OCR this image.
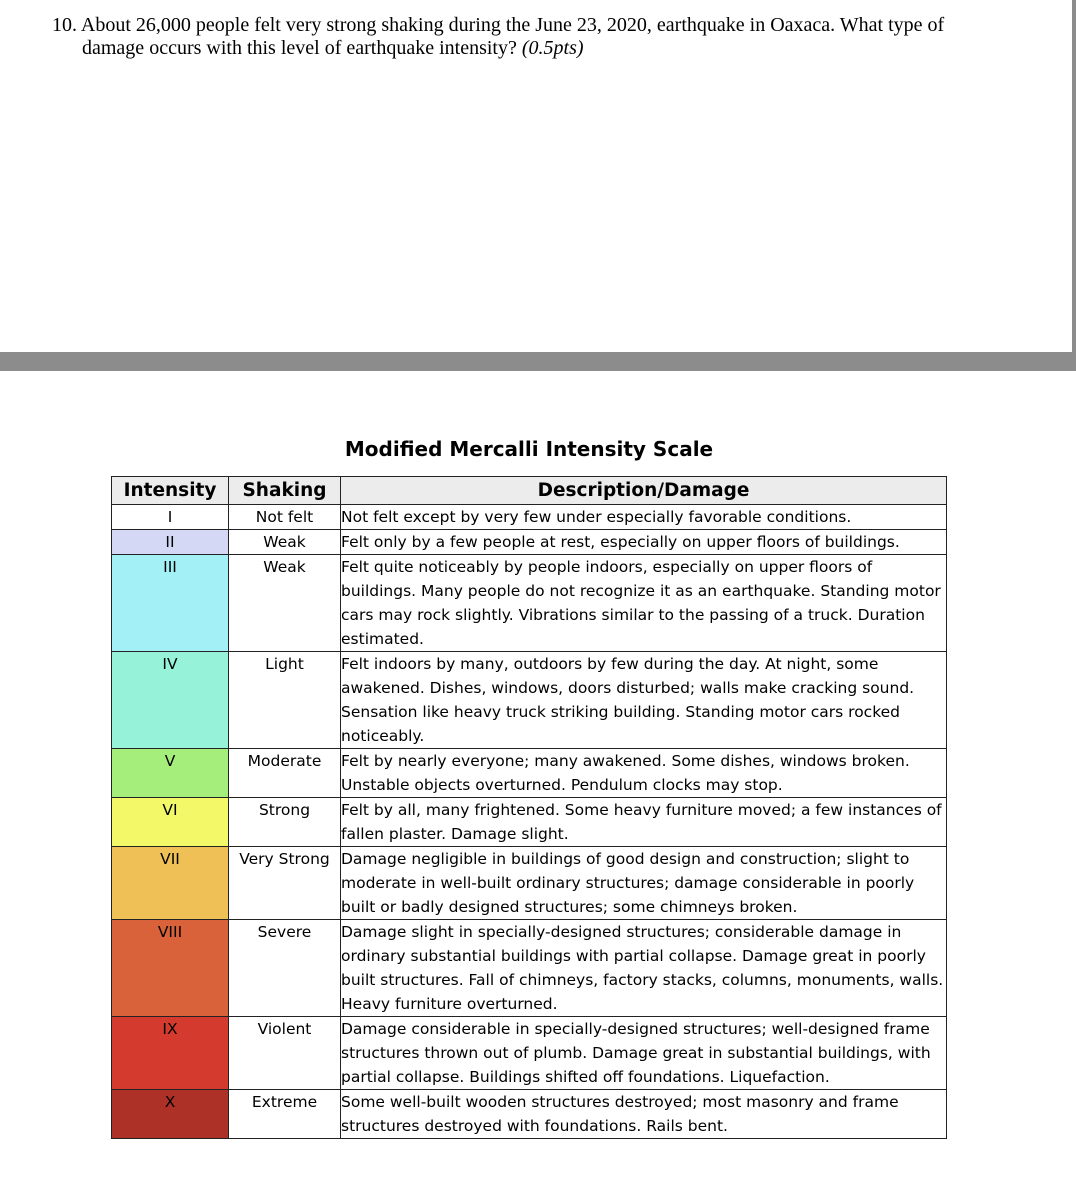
10. About 26,000 people felt very strong shaking during the June 23, 2020, earthquake in Oaxaca. What type of
damage occurs with this level of earthquake intensity? (0.5pts)
Modified Mercalli Intensity Scale
Intensity	Shaking	Description/Damage
I	Not felt	Not felt except by very few under especially favorable conditions.
II	Weak	Felt only by a few people at rest, especially on upper floors of buildings.
III	Weak	Felt quite noticeably by people indoors, especially on upper floors of buildings. Many people do not recognize it as an earthquake. Standing motor cars may rock slightly. Vibrations similar to the passing of a truck. Duration estimated.
IV	Light	Felt indoors by many, outdoors by few during the day. At night, some awakened. Dishes, windows, doors disturbed; walls make cracking sound. Sensation like heavy truck striking building. Standing motor cars rocked noticeably.
V	Moderate	Felt by nearly everyone; many awakened. Some dishes, windows broken. Unstable objects overturned. Pendulum clocks may stop.
VI	Strong	Felt by all, many frightened. Some heavy furniture moved; a few instances of fallen plaster. Damage slight.
VII	Very Strong	Damage negligible in buildings of good design and construction; slight to moderate in well-built ordinary structures; damage considerable in poorly built or badly designed structures; some chimneys broken.
VIII	Severe	Damage slight in specially-designed structures; considerable damage in ordinary substantial buildings with partial collapse. Damage great in poorly built structures. Fall of chimneys, factory stacks, columns, monuments, walls. Heavy furniture overturned.
IX	Violent	Damage considerable in specially-designed structures; well-designed frame structures thrown out of plumb. Damage great in substantial buildings, with partial collapse. Buildings shifted off foundations. Liquefaction.
X	Extreme	Some well-built wooden structures destroyed; most masonry and frame structures destroyed with foundations. Rails bent.
